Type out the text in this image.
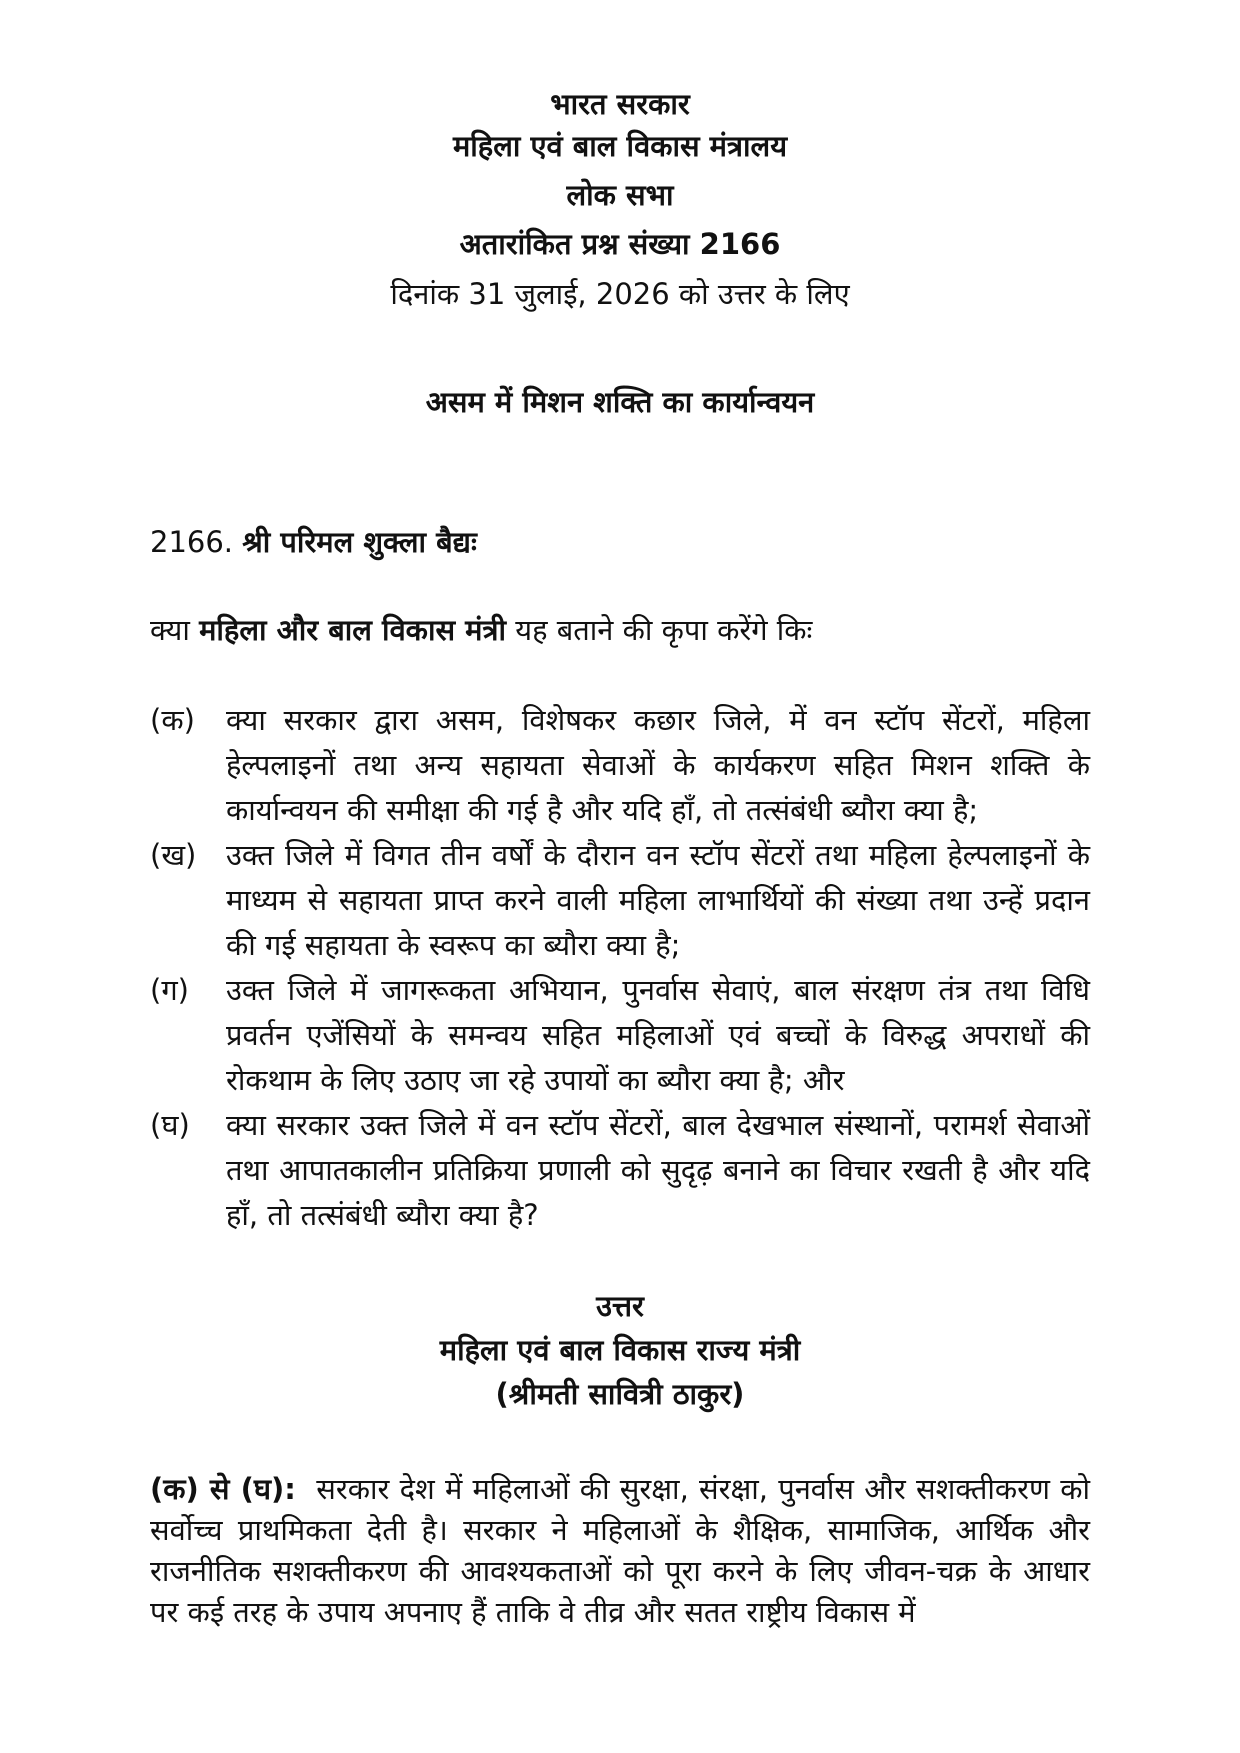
भारत सरकार
महिला एवं बाल विकास मंत्रालय
लोक सभा
अतारांकित प्रश्न संख्या 2166
दिनांक 31 जुलाई, 2026 को उत्तर के लिए
असम में मिशन शक्ति का कार्यान्वयन
2166. श्री परिमल शुक्ला बैद्यः
क्या महिला और बाल विकास मंत्री यह बताने की कृपा करेंगे किः
(क)	क्या सरकार द्वारा असम, विशेषकर कछार जिले, में वन स्टॉप सेंटरों, महिला हेल्पलाइनों तथा अन्य सहायता सेवाओं के कार्यकरण सहित मिशन शक्ति के कार्यान्वयन की समीक्षा की गई है और यदि हाँ, तो तत्संबंधी ब्यौरा क्या है;
(ख)	उक्त जिले में विगत तीन वर्षों के दौरान वन स्टॉप सेंटरों तथा महिला हेल्पलाइनों के माध्यम से सहायता प्राप्त करने वाली महिला लाभार्थियों की संख्या तथा उन्हें प्रदान की गई सहायता के स्वरूप का ब्यौरा क्या है;
(ग)	उक्त जिले में जागरूकता अभियान, पुनर्वास सेवाएं, बाल संरक्षण तंत्र तथा विधि प्रवर्तन एजेंसियों के समन्वय सहित महिलाओं एवं बच्चों के विरुद्ध अपराधों की रोकथाम के लिए उठाए जा रहे उपायों का ब्यौरा क्या है; और
(घ)	क्या सरकार उक्त जिले में वन स्टॉप सेंटरों, बाल देखभाल संस्थानों, परामर्श सेवाओं तथा आपातकालीन प्रतिक्रिया प्रणाली को सुदृढ़ बनाने का विचार रखती है और यदि हाँ, तो तत्संबंधी ब्यौरा क्या है?
उत्तर
महिला एवं बाल विकास राज्य मंत्री
(श्रीमती सावित्री ठाकुर)
(क) से (घ): सरकार देश में महिलाओं की सुरक्षा, संरक्षा, पुनर्वास और सशक्तीकरण को सर्वोच्च प्राथमिकता देती है। सरकार ने महिलाओं के शैक्षिक, सामाजिक, आर्थिक और राजनीतिक सशक्तीकरण की आवश्यकताओं को पूरा करने के लिए जीवन-चक्र के आधार पर कई तरह के उपाय अपनाए हैं ताकि वे तीव्र और सतत राष्ट्रीय विकास में
